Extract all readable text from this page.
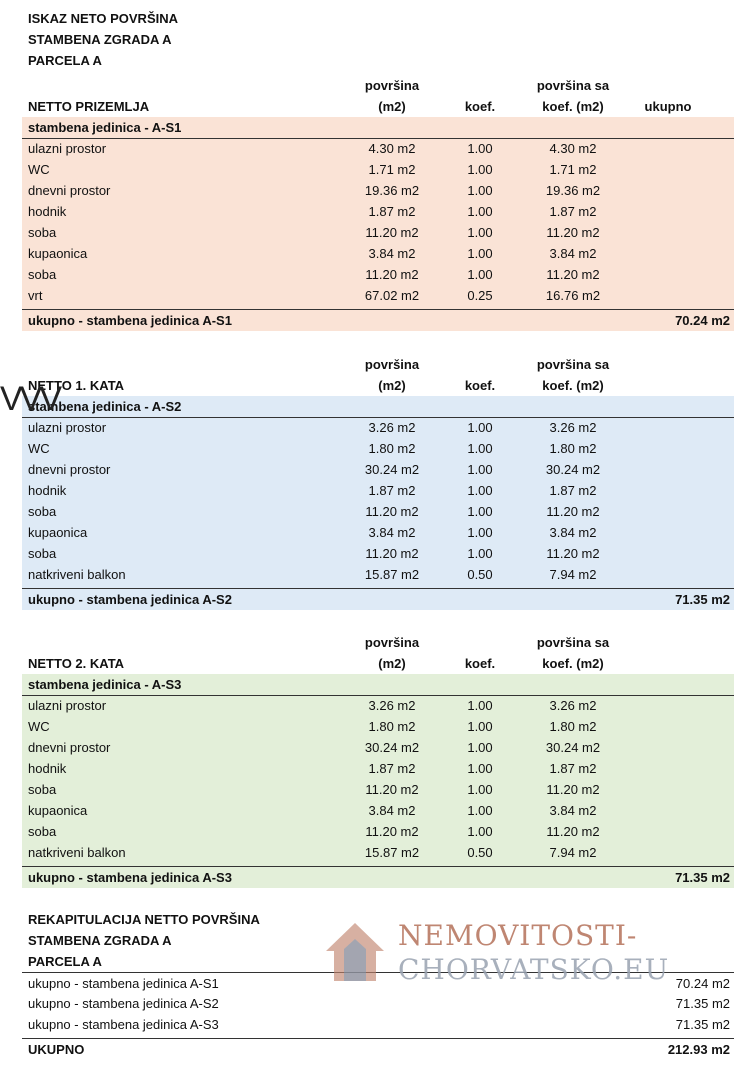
ISKAZ NETO POVRŠINA
STAMBENA ZGRADA A
PARCELA A
površina
(m2)	koef.
površina sa
koef. (m2)	ukupno
NETTO PRIZEMLJA
stambena jedinica - A-S1
ulazni prostor	4.30 m2	1.00	4.30 m2
WC	1.71 m2	1.00	1.71 m2
dnevni prostor	19.36 m2	1.00	19.36 m2
hodnik	1.87 m2	1.00	1.87 m2
soba	11.20 m2	1.00	11.20 m2
kupaonica	3.84 m2	1.00	3.84 m2
soba	11.20 m2	1.00	11.20 m2
vrt	67.02 m2	0.25	16.76 m2
ukupno - stambena jedinica A-S1	70.24 m2
površina
(m2)	koef.
površina sa
koef. (m2)
NETTO 1. KATA
stambena jedinica - A-S2
ulazni prostor	3.26 m2	1.00	3.26 m2
WC	1.80 m2	1.00	1.80 m2
dnevni prostor	30.24 m2	1.00	30.24 m2
hodnik	1.87 m2	1.00	1.87 m2
soba	11.20 m2	1.00	11.20 m2
kupaonica	3.84 m2	1.00	3.84 m2
soba	11.20 m2	1.00	11.20 m2
natkriveni balkon	15.87 m2	0.50	7.94 m2
ukupno - stambena jedinica A-S2	71.35 m2
površina
(m2)	koef.
površina sa
koef. (m2)
NETTO 2. KATA
stambena jedinica - A-S3
ulazni prostor	3.26 m2	1.00	3.26 m2
WC	1.80 m2	1.00	1.80 m2
dnevni prostor	30.24 m2	1.00	30.24 m2
hodnik	1.87 m2	1.00	1.87 m2
soba	11.20 m2	1.00	11.20 m2
kupaonica	3.84 m2	1.00	3.84 m2
soba	11.20 m2	1.00	11.20 m2
natkriveni balkon	15.87 m2	0.50	7.94 m2
ukupno - stambena jedinica A-S3	71.35 m2
REKAPITULACIJA NETTO POVRŠINA
STAMBENA ZGRADA A
PARCELA A
ukupno - stambena jedinica A-S1	70.24 m2
ukupno - stambena jedinica A-S2	71.35 m2
ukupno - stambena jedinica A-S3	71.35 m2
UKUPNO	212.93 m2
NEMOVITOSTI-
CHORVATSKO.EU
VVV
